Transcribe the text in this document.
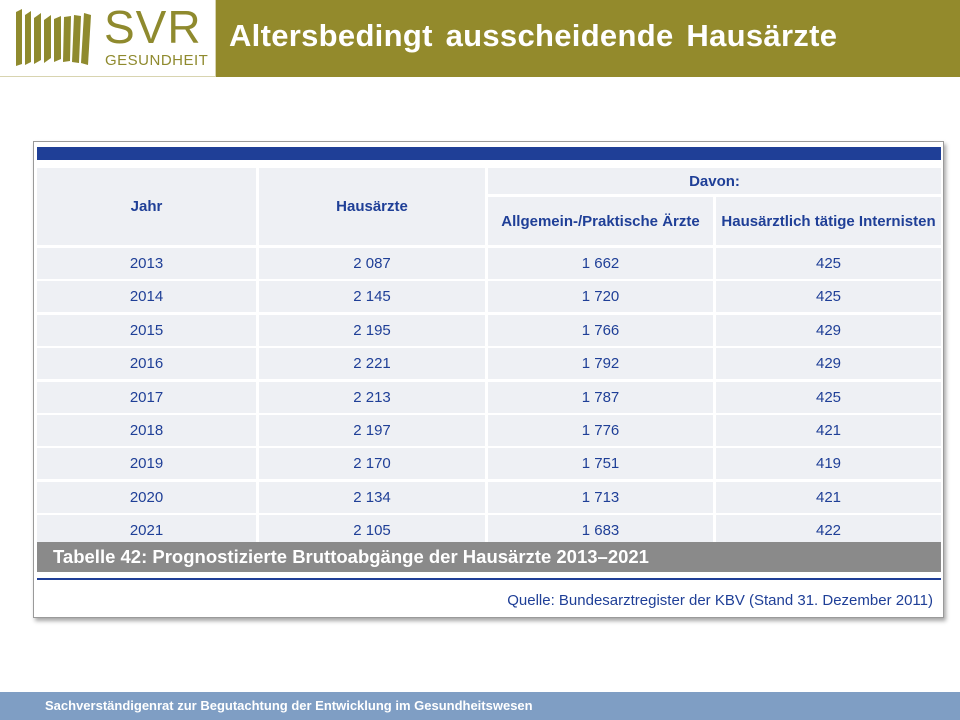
SVR
GESUNDHEIT
Altersbedingt ausscheidende Hausärzte
Jahr	Hausärzte
Davon:
Allgemein-/Praktische Ärzte	Hausärztlich tätige Internisten
2013	2 087	1 662	425
2014	2 145	1 720	425
2015	2 195	1 766	429
2016	2 221	1 792	429
2017	2 213	1 787	425
2018	2 197	1 776	421
2019	2 170	1 751	419
2020	2 134	1 713	421
2021	2 105	1 683	422
Tabelle 42: Prognostizierte Bruttoabgänge der Hausärzte 2013–2021
Quelle: Bundesarztregister der KBV (Stand 31. Dezember 2011)
Sachverständigenrat zur Begutachtung der Entwicklung im Gesundheitswesen
